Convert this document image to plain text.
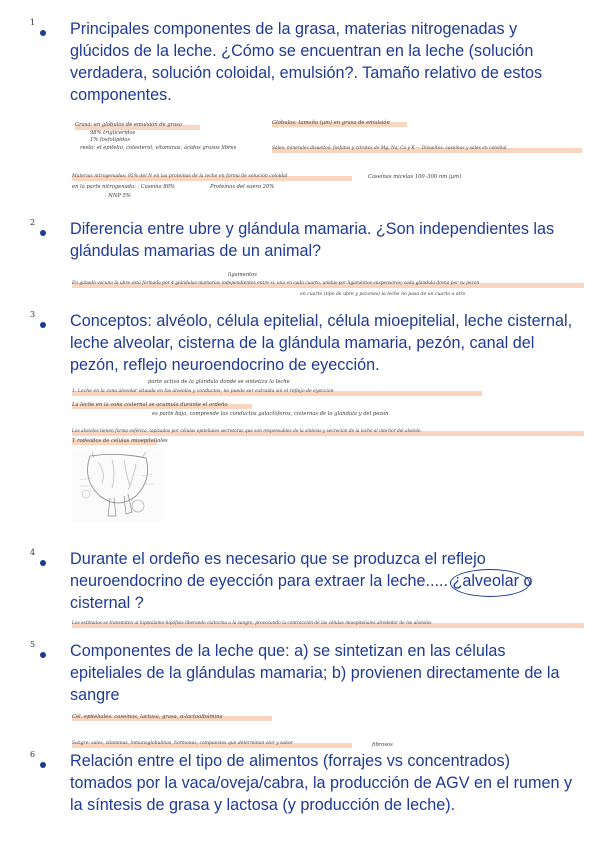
1 Principales componentes de la grasa, materias nitrogenadas y glúcidos de la leche. ¿Cómo se encuentran en la leche (solución verdadera, solución coloidal, emulsión?. Tamaño relativo de estos componentes.
Grasa: en glóbulos de emulsión de grasa
98% triglicéridos
1% fosfolípidos
resto: el epitelio, colesterol, vitaminas, ácidos grasos libres
Glóbulos: tamaño (µm) en grasa de emulsión
Sales: minerales disueltos: fosfatos y citratos de Mg, Na, Ca y K — Disueltos: caseínas y sales en coloidal
Materias nitrogenadas: 95% del N en las proteínas de la leche en forma de solución coloidal	Caseínas micelas 100–300 nm (µm)
en la parte nitrogenada: · Caseína 80%	Proteínas del suero 20%
· NNP 5%
2 Diferencia entre ubre y glándula mamaria. ¿Son independientes las glándulas mamarias de un animal?
ligamentos
En ganado vacuno la ubre está formada por 4 glándulas mamarias independientes entre sí, una en cada cuarto, unidas por ligamentos suspensores; cada glándula drena por su pezón
en cuarto (tipo de ubre y pezones) la leche no pasa de un cuarto a otro
3 Conceptos: alvéolo, célula epitelial, célula mioepitelial, leche cisternal, leche alveolar, cisterna de la glándula mamaria, pezón, canal del pezón, reflejo neuroendocrino de eyección.
parte activa de la glándula donde se sintetiza la leche
1: Leche en la zona alveolar situada en los alvéolos y conductos, no puede ser extraída sin el reflejo de eyección
La leche en la zona cisternal se acumula durante el ordeño
es parte baja, comprende los conductos galactóforos, cisternas de la glándula y del pezón
Los alvéolos tienen forma esférica, tapizados por células epiteliales secretoras que son responsables de la síntesis y secreción de la leche al interior del alvéolo
Y rodeados de células mioepiteliales
4 Durante el ordeño es necesario que se produzca el reflejo neuroendocrino de eyección para extraer la leche..... ¿alveolar o cisternal ?
Los estímulos se transmiten al hipotálamo-hipófisis liberando oxitocina a la sangre, provocando la contracción de las células mioepiteliales alrededor de los alvéolos
5 Componentes de la leche que: a) se sintetizan en las células epiteliales de la glándulas mamaria; b) provienen directamente de la sangre
Cél. epiteliales: caseínas, lactosa, grasa, α-lactoalbúmina
Sangre: sales, vitaminas, inmunoglobulinas, hormonas, compuestos que determinan olor y sabor
6 Relación entre el tipo de alimentos (forrajes vs concentrados) tomados por la vaca/oveja/cabra, la producción de AGV en el rumen y la síntesis de grasa y lactosa (y producción de leche).
fibrosos
